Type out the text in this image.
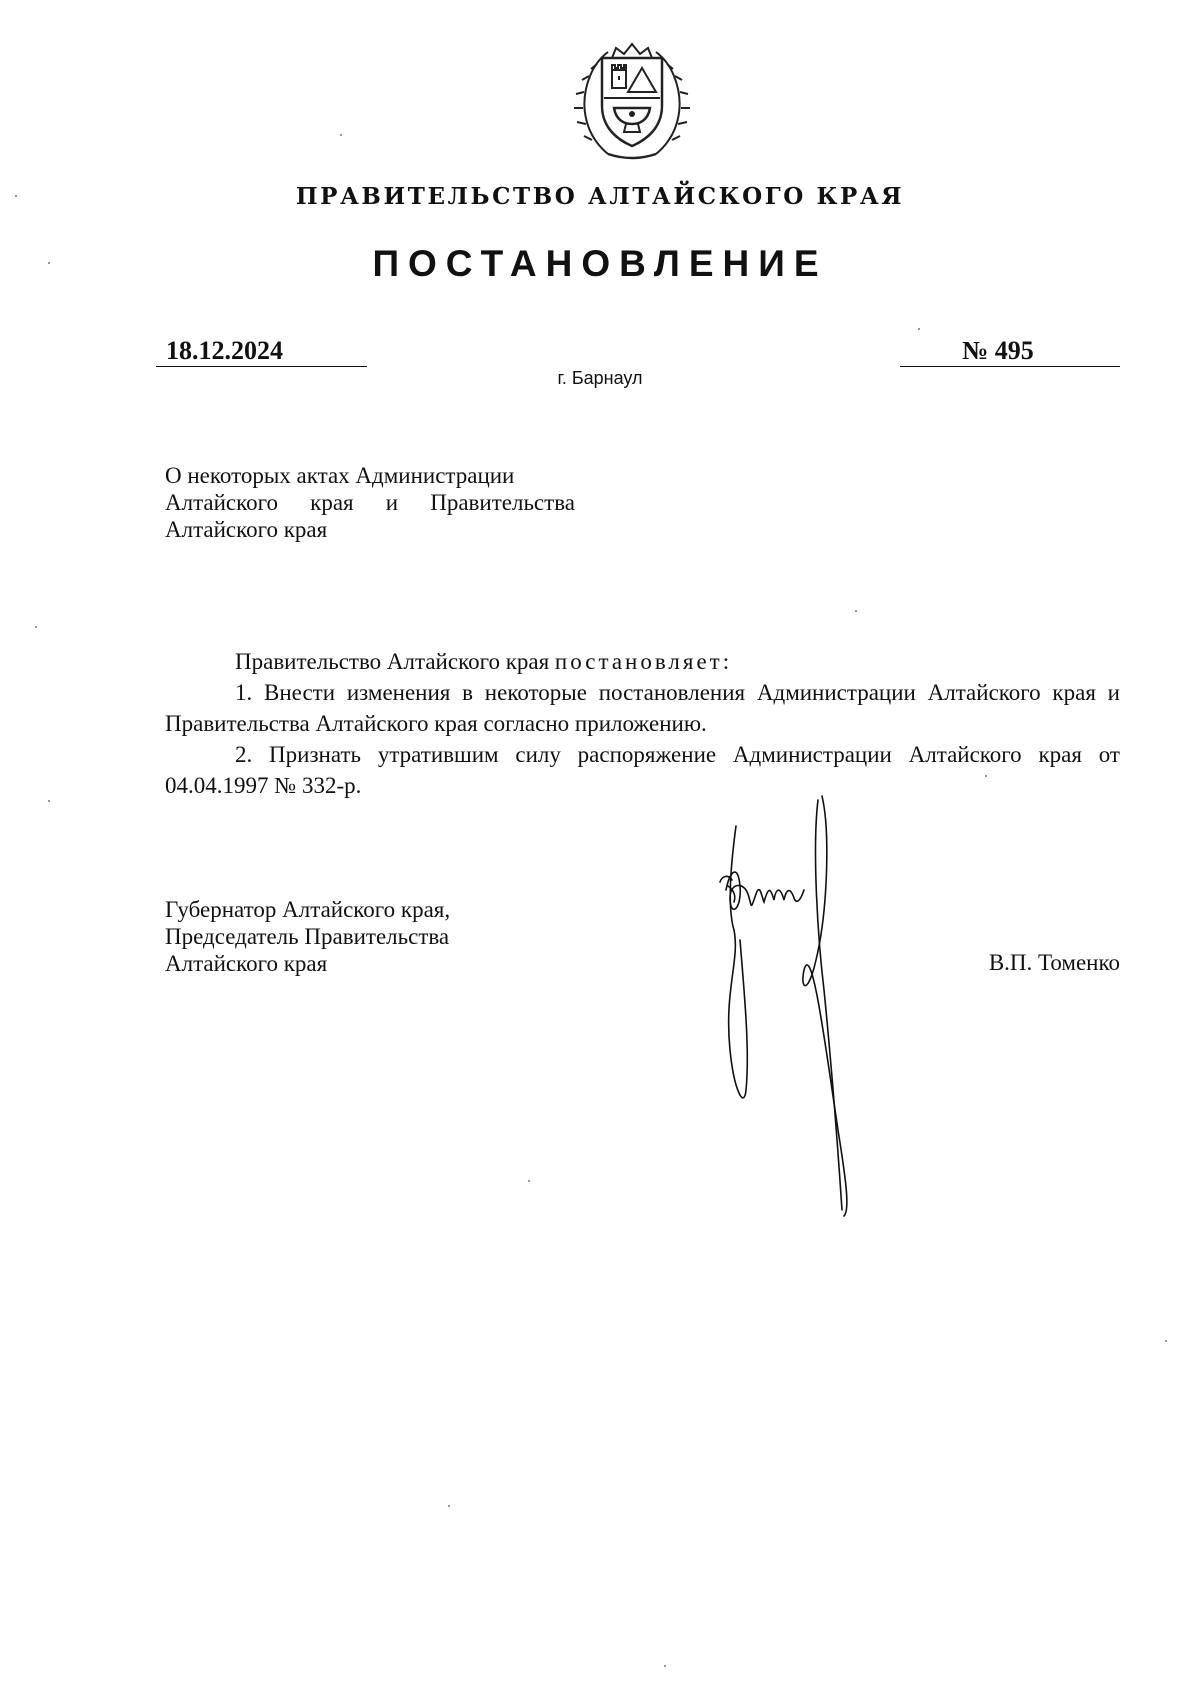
ПРАВИТЕЛЬСТВО АЛТАЙСКОГО КРАЯ
ПОСТАНОВЛЕНИЕ
18.12.2024	№ 495
г. Барнаул
О некоторых актах Администрации
Алтайского края и Правительства
Алтайского края

Правительство Алтайского края постановляет:

1. Внести изменения в некоторые постановления Администрации Алтайского края и Правительства Алтайского края согласно приложению.

2. Признать утратившим силу распоряжение Администрации Алтайского края от 04.04.1997 № 332-р.

Губернатор Алтайского края,
Председатель Правительства
Алтайского края	В.П. Томенко
